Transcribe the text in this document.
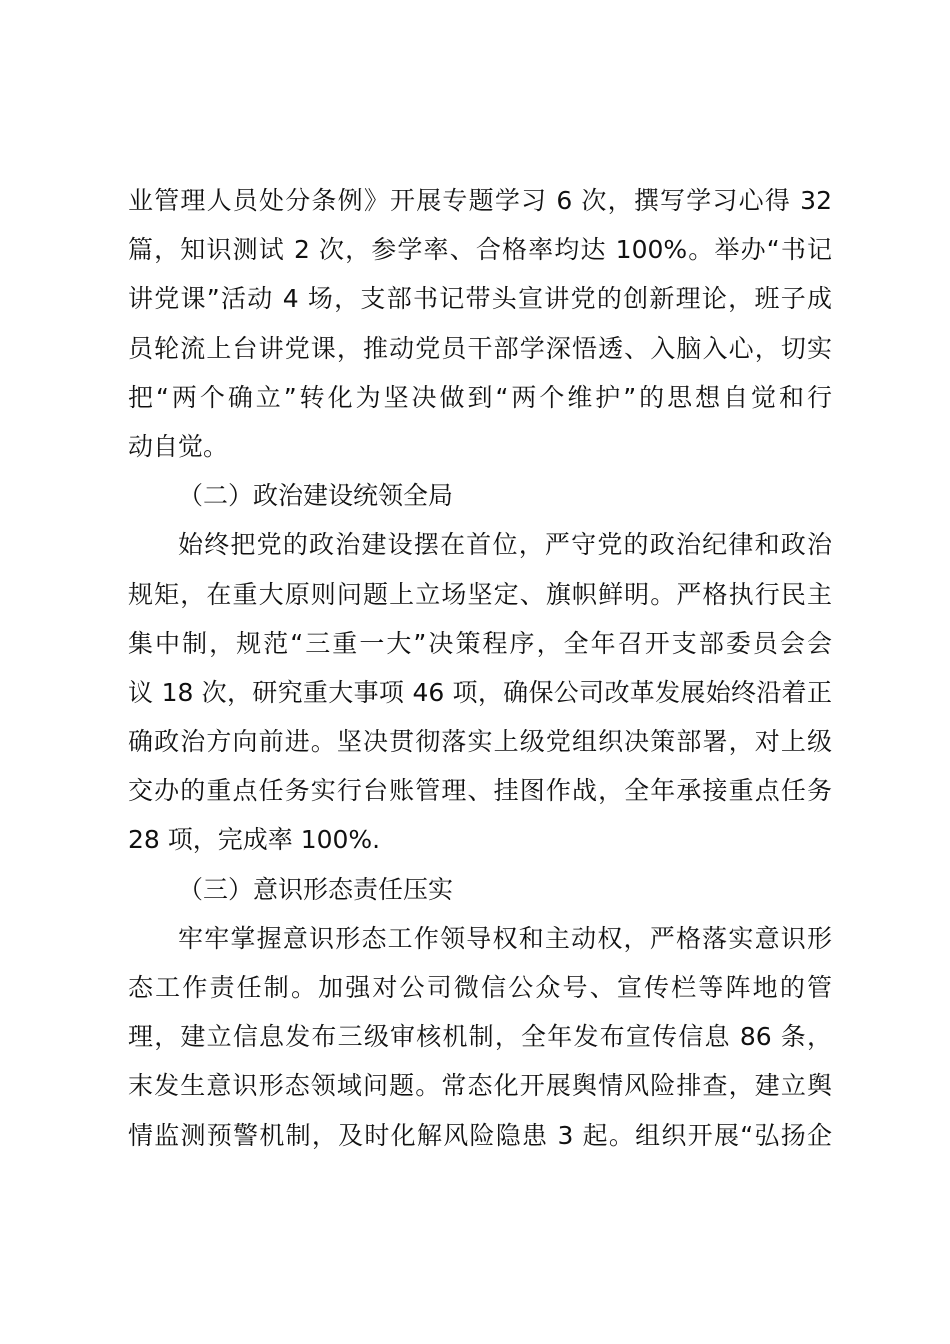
业管理人员处分条例》开展专题学习 6 次，撰写学习心得 32
篇，知识测试 2 次，参学率、合格率均达 100%。举办“书记
讲党课”活动 4 场，支部书记带头宣讲党的创新理论，班子成
员轮流上台讲党课，推动党员干部学深悟透、入脑入心，切实
把“两个确立”转化为坚决做到“两个维护”的思想自觉和行
动自觉。
（二）政治建设统领全局
始终把党的政治建设摆在首位，严守党的政治纪律和政治
规矩，在重大原则问题上立场坚定、旗帜鲜明。严格执行民主
集中制，规范“三重一大”决策程序，全年召开支部委员会会
议 18 次，研究重大事项 46 项，确保公司改革发展始终沿着正
确政治方向前进。坚决贯彻落实上级党组织决策部署，对上级
交办的重点任务实行台账管理、挂图作战，全年承接重点任务
28 项，完成率 100%.
（三）意识形态责任压实
牢牢掌握意识形态工作领导权和主动权，严格落实意识形
态工作责任制。加强对公司微信公众号、宣传栏等阵地的管
理，建立信息发布三级审核机制，全年发布宣传信息 86 条，
末发生意识形态领域问题。常态化开展舆情风险排查，建立舆
情监测预警机制，及时化解风险隐患 3 起。组织开展“弘扬企
